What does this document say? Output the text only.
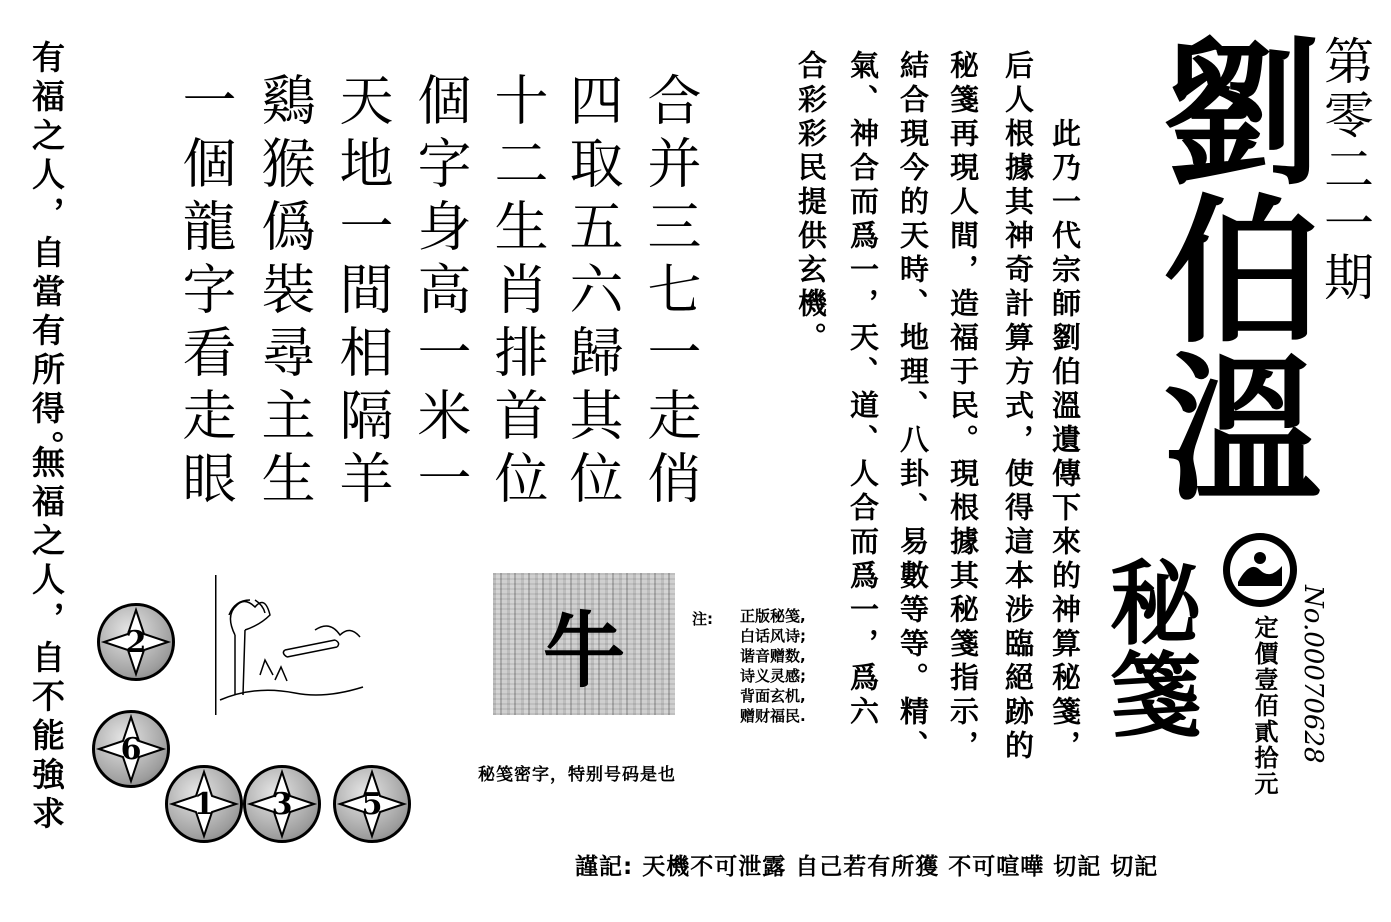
有福之人，自當有所得。
無福之人，自不能強求
合并三七一走俏
四取五六歸其位
十二生肖排首位
個字身高一米一
天地一間相隔羊
鷄猴僞裝尋主生
一個龍字看走眼	此乃一代宗師劉伯溫遺傳下來的神算秘箋，
后人根據其神奇計算方式，使得這本涉臨絕跡的
秘箋再現人間，造福于民。現根據其秘箋指示，
結合現今的天時、地理、八卦、易數等等。精、
氣、神合而爲一，天、道、人合而爲一，爲六
合彩彩民提供玄機。 劉伯溫
秘箋
第零二一期
定價壹佰貳拾元 No.00070628
牛
秘笺密字，特别号码是也
注: 正版秘笺,
白话风诗;
谐音赠数,
诗义灵感;
背面玄机,
赠财福民.
2
6
1	3	5
謹記: 天機不可泄露 自己若有所獲 不可喧嘩 切記 切記
